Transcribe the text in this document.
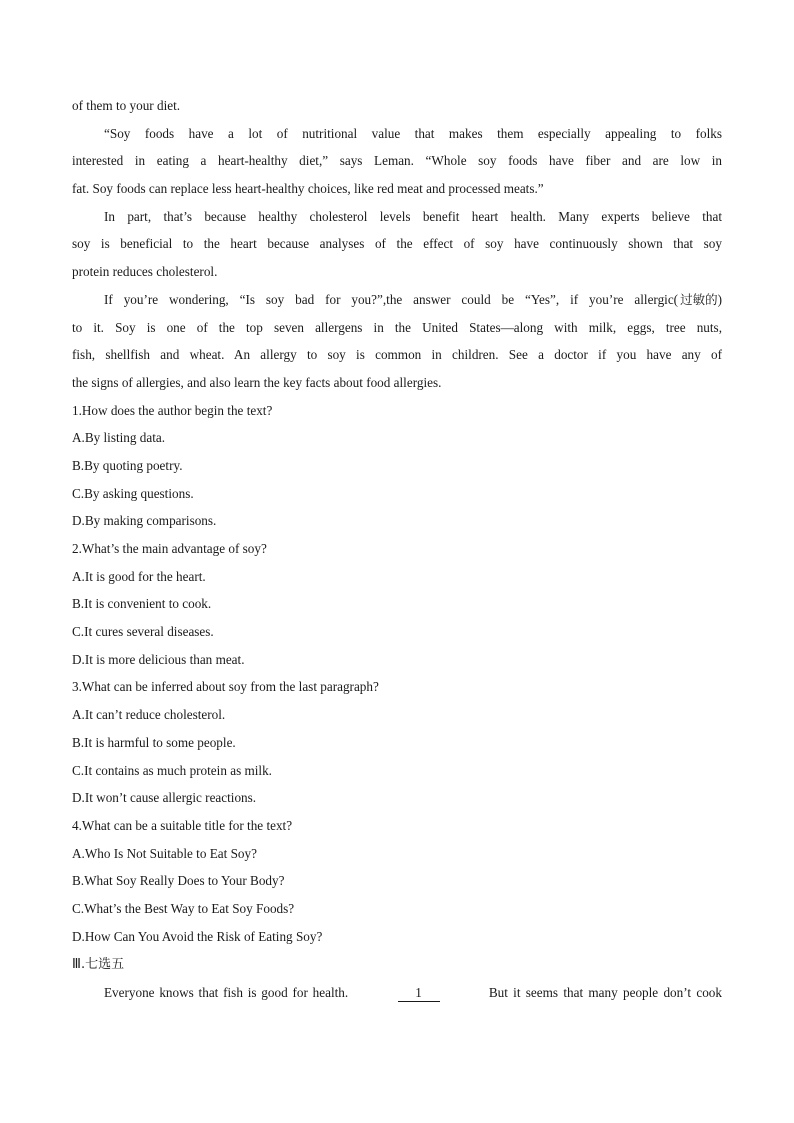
of them to your diet.
“Soy foods have a lot of nutritional value that makes them especially appealing to folks
interested in eating a heart-healthy diet,” says Leman. “Whole soy foods have fiber and are low in
fat. Soy foods can replace less heart-healthy choices, like red meat and processed meats.”
In part, that’s because healthy cholesterol levels benefit heart health. Many experts believe that
soy is beneficial to the heart because analyses of the effect of soy have continuously shown that soy
protein reduces cholesterol.
If you’re wondering, “Is soy bad for you?”,the answer could be “Yes”, if you’re allergic( 过敏的)
to it. Soy is one of the top seven allergens in the United States—along with milk, eggs, tree nuts,
fish, shellfish and wheat. An allergy to soy is common in children. See a doctor if you have any of
the signs of allergies, and also learn the key facts about food allergies.
1.How does the author begin the text?
A.By listing data.
B.By quoting poetry.
C.By asking questions.
D.By making comparisons.
2.What’s the main advantage of soy?
A.It is good for the heart.
B.It is convenient to cook.
C.It cures several diseases.
D.It is more delicious than meat.
3.What can be inferred about soy from the last paragraph?
A.It can’t reduce cholesterol.
B.It is harmful to some people.
C.It contains as much protein as milk.
D.It won’t cause allergic reactions.
4.What can be a suitable title for the text?
A.Who Is Not Suitable to Eat Soy?
B.What Soy Really Does to Your Body?
C.What’s the Best Way to Eat Soy Foods?
D.How Can You Avoid the Risk of Eating Soy?
Ⅲ.七选五
Everyone knows that fish is good for health.	1	But it seems that many people don’t cook
